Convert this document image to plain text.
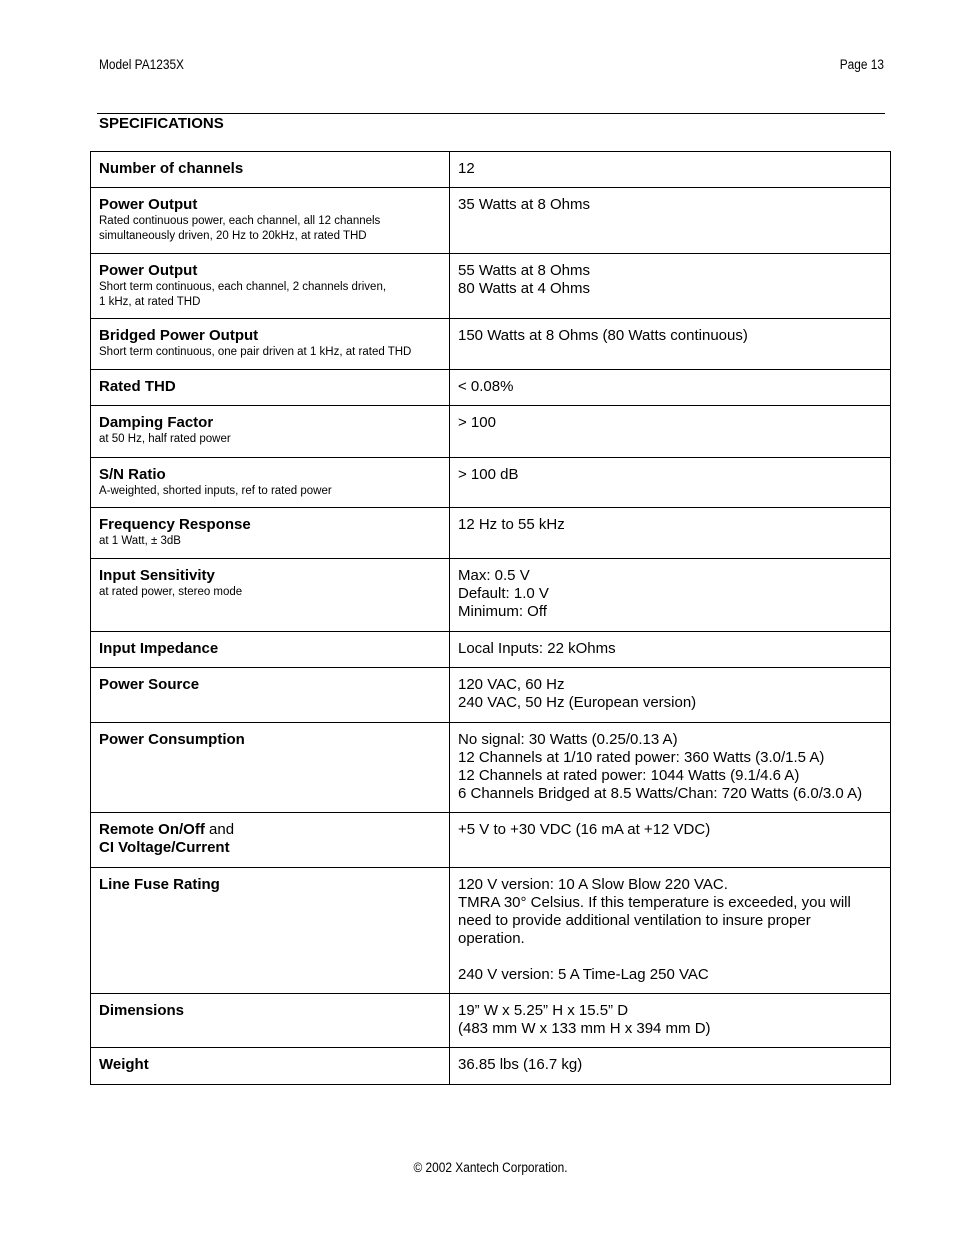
Model PA1235X	Page 13
SPECIFICATIONS
Number of channels	12

Power Output
Rated continuous power, each channel, all 12 channels
simultaneously driven, 20 Hz to 20kHz, at rated THD	35 Watts at 8 Ohms

Power Output
Short term continuous, each channel, 2 channels driven,
1 kHz, at rated THD	55 Watts at 8 Ohms
80 Watts at 4 Ohms

Bridged Power Output
Short term continuous, one pair driven at 1 kHz, at rated THD	150 Watts at 8 Ohms (80 Watts continuous)

Rated THD	< 0.08%

Damping Factor
at 50 Hz, half rated power	> 100

S/N Ratio
A-weighted, shorted inputs, ref to rated power	> 100 dB

Frequency Response
at 1 Watt, ± 3dB	12 Hz to 55 kHz

Input Sensitivity
at rated power, stereo mode	Max: 0.5 V
Default: 1.0 V
Minimum: Off

Input Impedance	Local Inputs: 22 kOhms

Power Source	120 VAC, 60 Hz
240 VAC, 50 Hz (European version)

Power Consumption	No signal: 30 Watts (0.25/0.13 A)
12 Channels at 1/10 rated power: 360 Watts (3.0/1.5 A)
12 Channels at rated power: 1044 Watts (9.1/4.6 A)
6 Channels Bridged at 8.5 Watts/Chan: 720 Watts (6.0/3.0 A)

Remote On/Off and
CI Voltage/Current	+5 V to +30 VDC (16 mA at +12 VDC)

Line Fuse Rating	120 V version: 10 A Slow Blow 220 VAC.
TMRA 30° Celsius. If this temperature is exceeded, you will
need to provide additional ventilation to insure proper
operation.
240 V version: 5 A Time-Lag 250 VAC

Dimensions	19” W x 5.25” H x 15.5” D
(483 mm W x 133 mm H x 394 mm D)

Weight	36.85 lbs (16.7 kg)
© 2002 Xantech Corporation.
